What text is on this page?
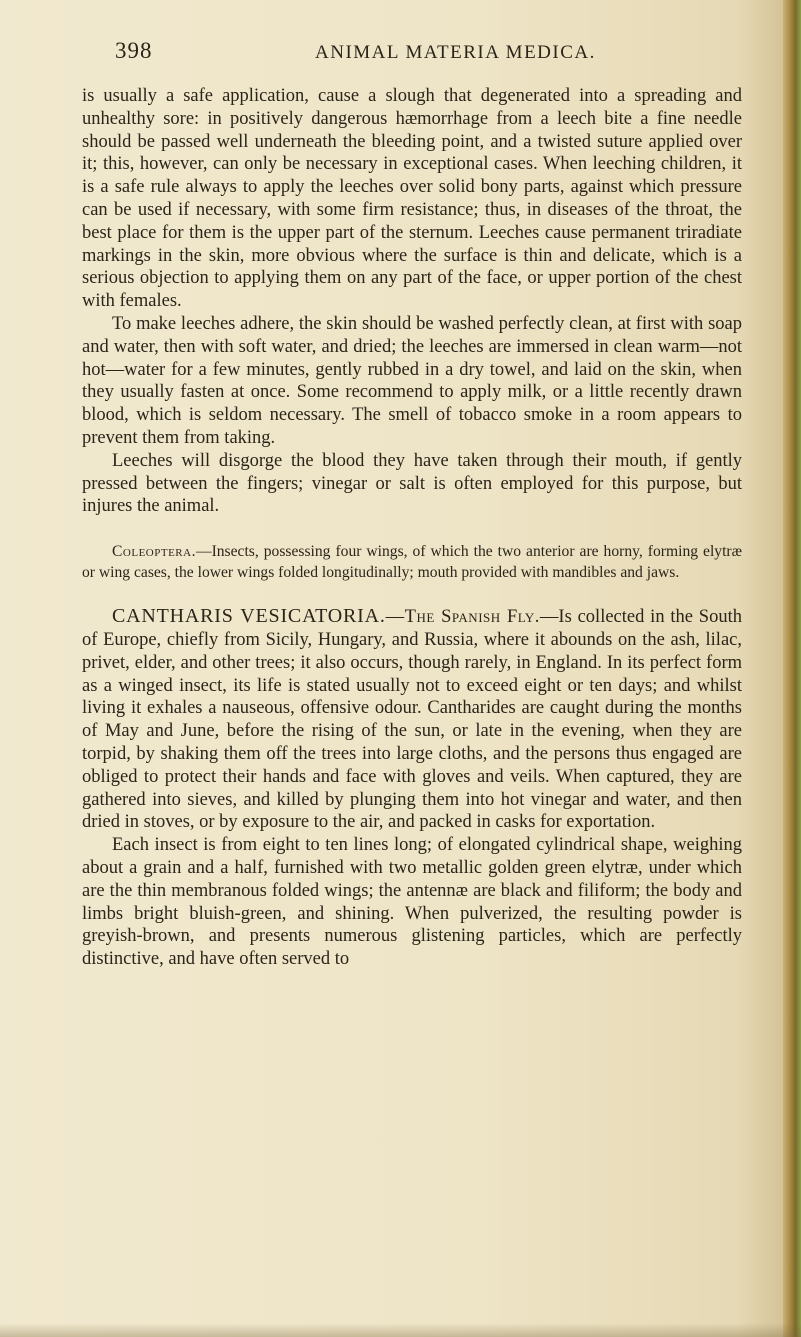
398	ANIMAL MATERIA MEDICA.

is usually a safe application, cause a slough that degenerated into a spreading and unhealthy sore: in positively dangerous hæmorrhage from a leech bite a fine needle should be passed well underneath the bleeding point, and a twisted suture applied over it; this, however, can only be necessary in exceptional cases. When leeching children, it is a safe rule always to apply the leeches over solid bony parts, against which pressure can be used if necessary, with some firm resistance; thus, in diseases of the throat, the best place for them is the upper part of the sternum. Leeches cause permanent triradiate markings in the skin, more obvious where the surface is thin and delicate, which is a serious objection to applying them on any part of the face, or upper portion of the chest with females.

To make leeches adhere, the skin should be washed perfectly clean, at first with soap and water, then with soft water, and dried; the leeches are immersed in clean warm—not hot—water for a few minutes, gently rubbed in a dry towel, and laid on the skin, when they usually fasten at once. Some recommend to apply milk, or a little recently drawn blood, which is seldom necessary. The smell of tobacco smoke in a room appears to prevent them from taking.

Leeches will disgorge the blood they have taken through their mouth, if gently pressed between the fingers; vinegar or salt is often employed for this purpose, but injures the animal.

Coleoptera.—Insects, possessing four wings, of which the two anterior are horny, forming elytræ or wing cases, the lower wings folded longitudinally; mouth provided with mandibles and jaws.

CANTHARIS VESICATORIA.—The Spanish Fly.—Is collected in the South of Europe, chiefly from Sicily, Hungary, and Russia, where it abounds on the ash, lilac, privet, elder, and other trees; it also occurs, though rarely, in England. In its perfect form as a winged insect, its life is stated usually not to exceed eight or ten days; and whilst living it exhales a nauseous, offensive odour. Cantharides are caught during the months of May and June, before the rising of the sun, or late in the evening, when they are torpid, by shaking them off the trees into large cloths, and the persons thus engaged are obliged to protect their hands and face with gloves and veils. When captured, they are gathered into sieves, and killed by plunging them into hot vinegar and water, and then dried in stoves, or by exposure to the air, and packed in casks for exportation.

Each insect is from eight to ten lines long; of elongated cylindrical shape, weighing about a grain and a half, furnished with two metallic golden green elytræ, under which are the thin membranous folded wings; the antennæ are black and filiform; the body and limbs bright bluish-green, and shining. When pulverized, the resulting powder is greyish-brown, and presents numerous glistening particles, which are perfectly distinctive, and have often served to
